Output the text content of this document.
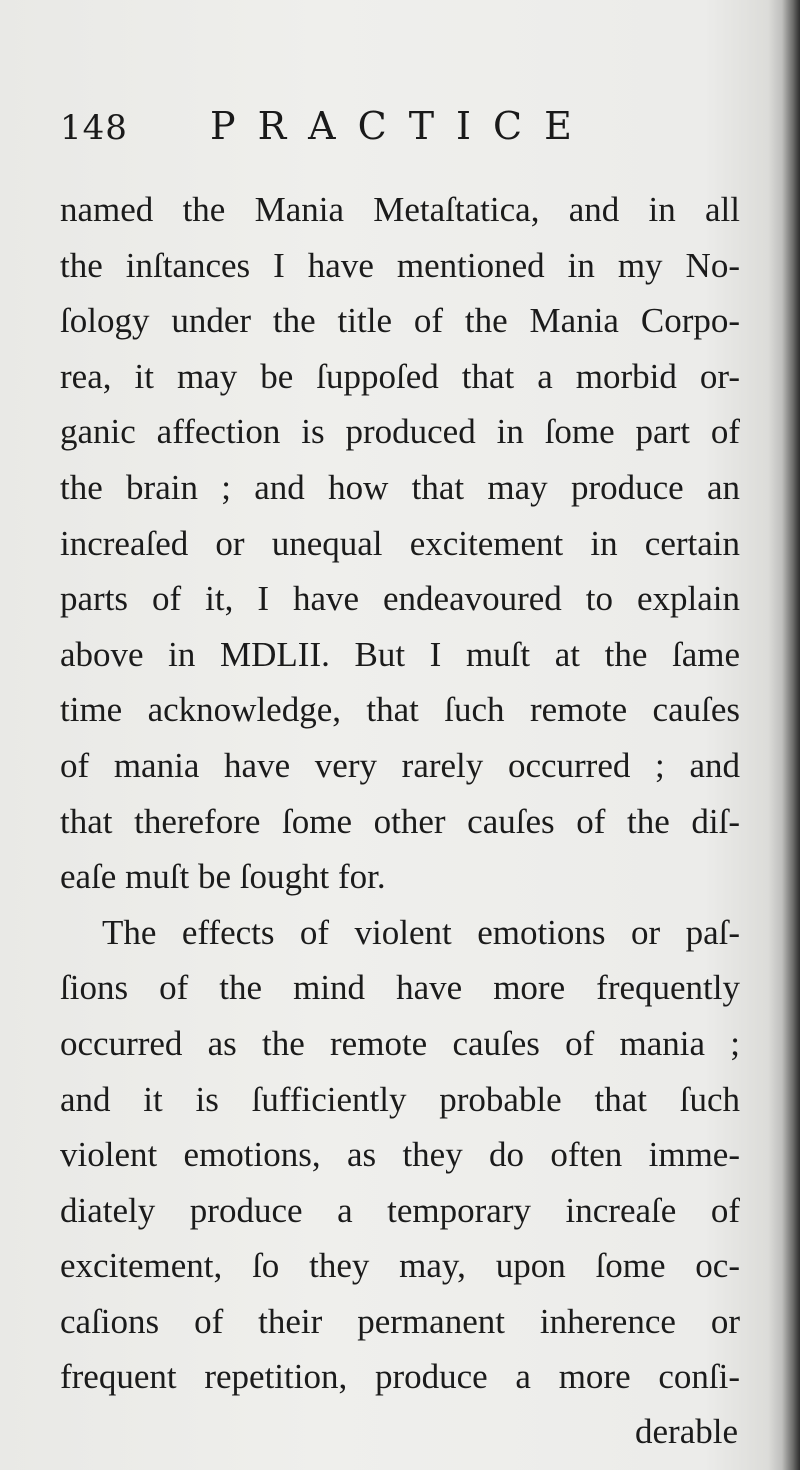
148 PRACTICE
named the Mania Metaſtatica, and in all
the inſtances I have mentioned in my No-
ſology under the title of the Mania Corpo-
rea, it may be ſuppoſed that a morbid or-
ganic affection is produced in ſome part of
the brain ; and how that may produce an
increaſed or unequal excitement in certain
parts of it, I have endeavoured to explain
above in MDLII. But I muſt at the ſame
time acknowledge, that ſuch remote cauſes
of mania have very rarely occurred ; and
that therefore ſome other cauſes of the diſ-
eaſe muſt be ſought for.
The effects of violent emotions or paſ-
ſions of the mind have more frequently
occurred as the remote cauſes of mania ;
and it is ſufficiently probable that ſuch
violent emotions, as they do often imme-
diately produce a temporary increaſe of
excitement, ſo they may, upon ſome oc-
caſions of their permanent inherence or
frequent repetition, produce a more conſi-
derable
